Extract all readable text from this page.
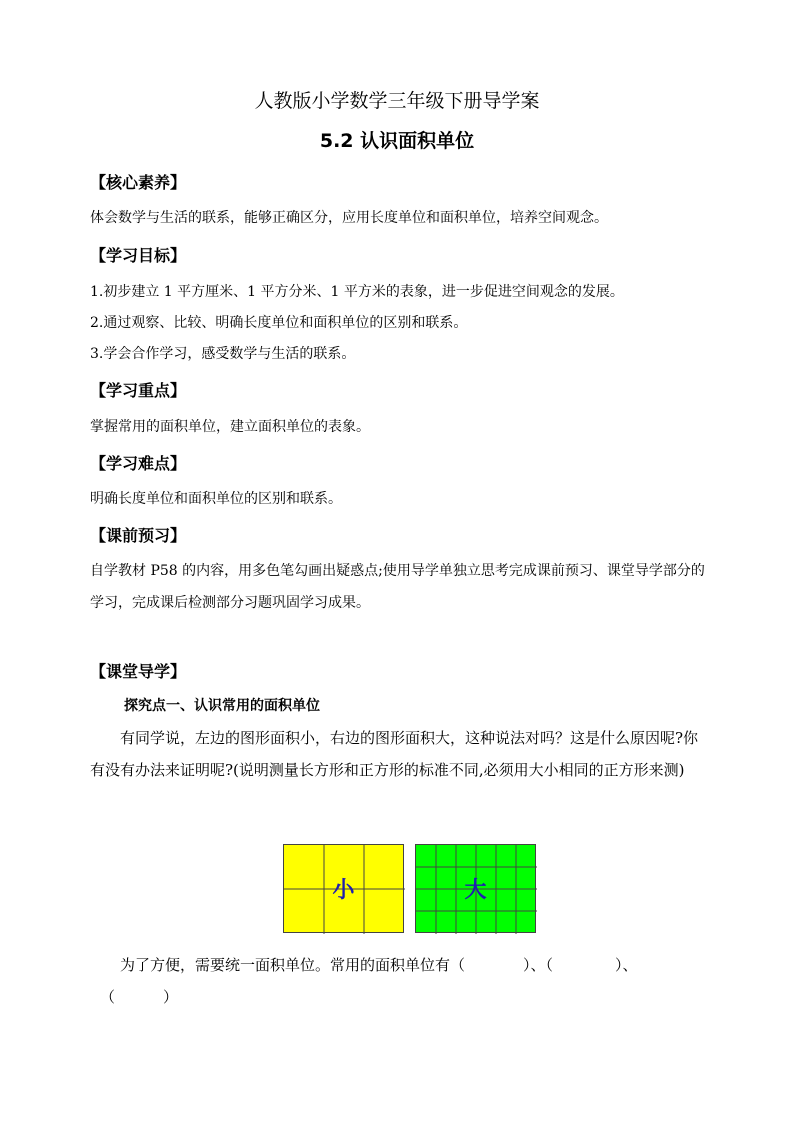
人教版小学数学三年级下册导学案
5.2 认识面积单位
【核心素养】
体会数学与生活的联系，能够正确区分，应用长度单位和面积单位，培养空间观念。
【学习目标】
1.初步建立 1 平方厘米、1 平方分米、1 平方米的表象，进一步促进空间观念的发展。
2.通过观察、比较、明确长度单位和面积单位的区别和联系。
3.学会合作学习，感受数学与生活的联系。
【学习重点】
掌握常用的面积单位，建立面积单位的表象。
【学习难点】
明确长度单位和面积单位的区别和联系。
【课前预习】
自学教材 P58 的内容，用多色笔勾画出疑惑点;使用导学单独立思考完成课前预习、课堂导学部分的学习，完成课后检测部分习题巩固学习成果。
【课堂导学】
探究点一、认识常用的面积单位
有同学说，左边的图形面积小，右边的图形面积大，这种说法对吗？这是什么原因呢?你有没有办法来证明呢?(说明测量长方形和正方形的标准不同,必须用大小相同的正方形来测)
小	大
为了方便，需要统一面积单位。常用的面积单位有（	）、（	）、
（	）
